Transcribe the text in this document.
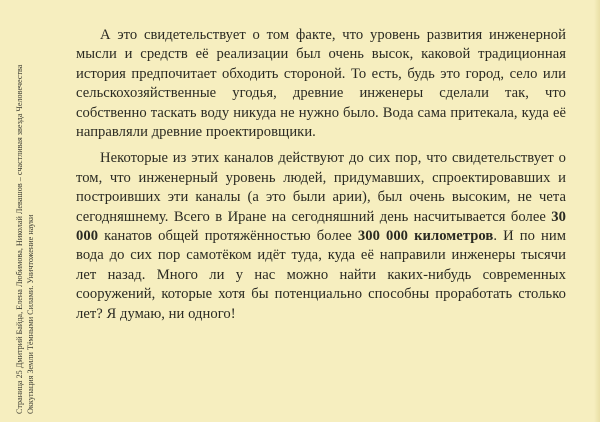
Страница 25 Дмитрий Байда, Елена Любимова, Николай Левашов – счастливая звезда Человечества Оккупация Земли Тёмными Силами. Уничтожение науки

А это свидетельствует о том факте, что уровень развития инженерной мысли и средств её реализации был очень высок, каковой традиционная история предпочитает обходить стороной. То есть, будь это город, село или сельскохозяйственные угодья, древние инженеры сделали так, что собственно таскать воду никуда не нужно было. Вода сама притекала, куда её направляли древние проектировщики.

Некоторые из этих каналов действуют до сих пор, что свидетельствует о том, что инженерный уровень людей, придумавших, спроектировавших и построивших эти каналы (а это были арии), был очень высоким, не чета сегодняшнему. Всего в Иране на сегодняшний день насчитывается более 30 000 канатов общей протяжённостью более 300 000 километров. И по ним вода до сих пор самотёком идёт туда, куда её направили инженеры тысячи лет назад. Много ли у нас можно найти каких-нибудь современных сооружений, которые хотя бы потенциально способны проработать столько лет? Я думаю, ни одного!
